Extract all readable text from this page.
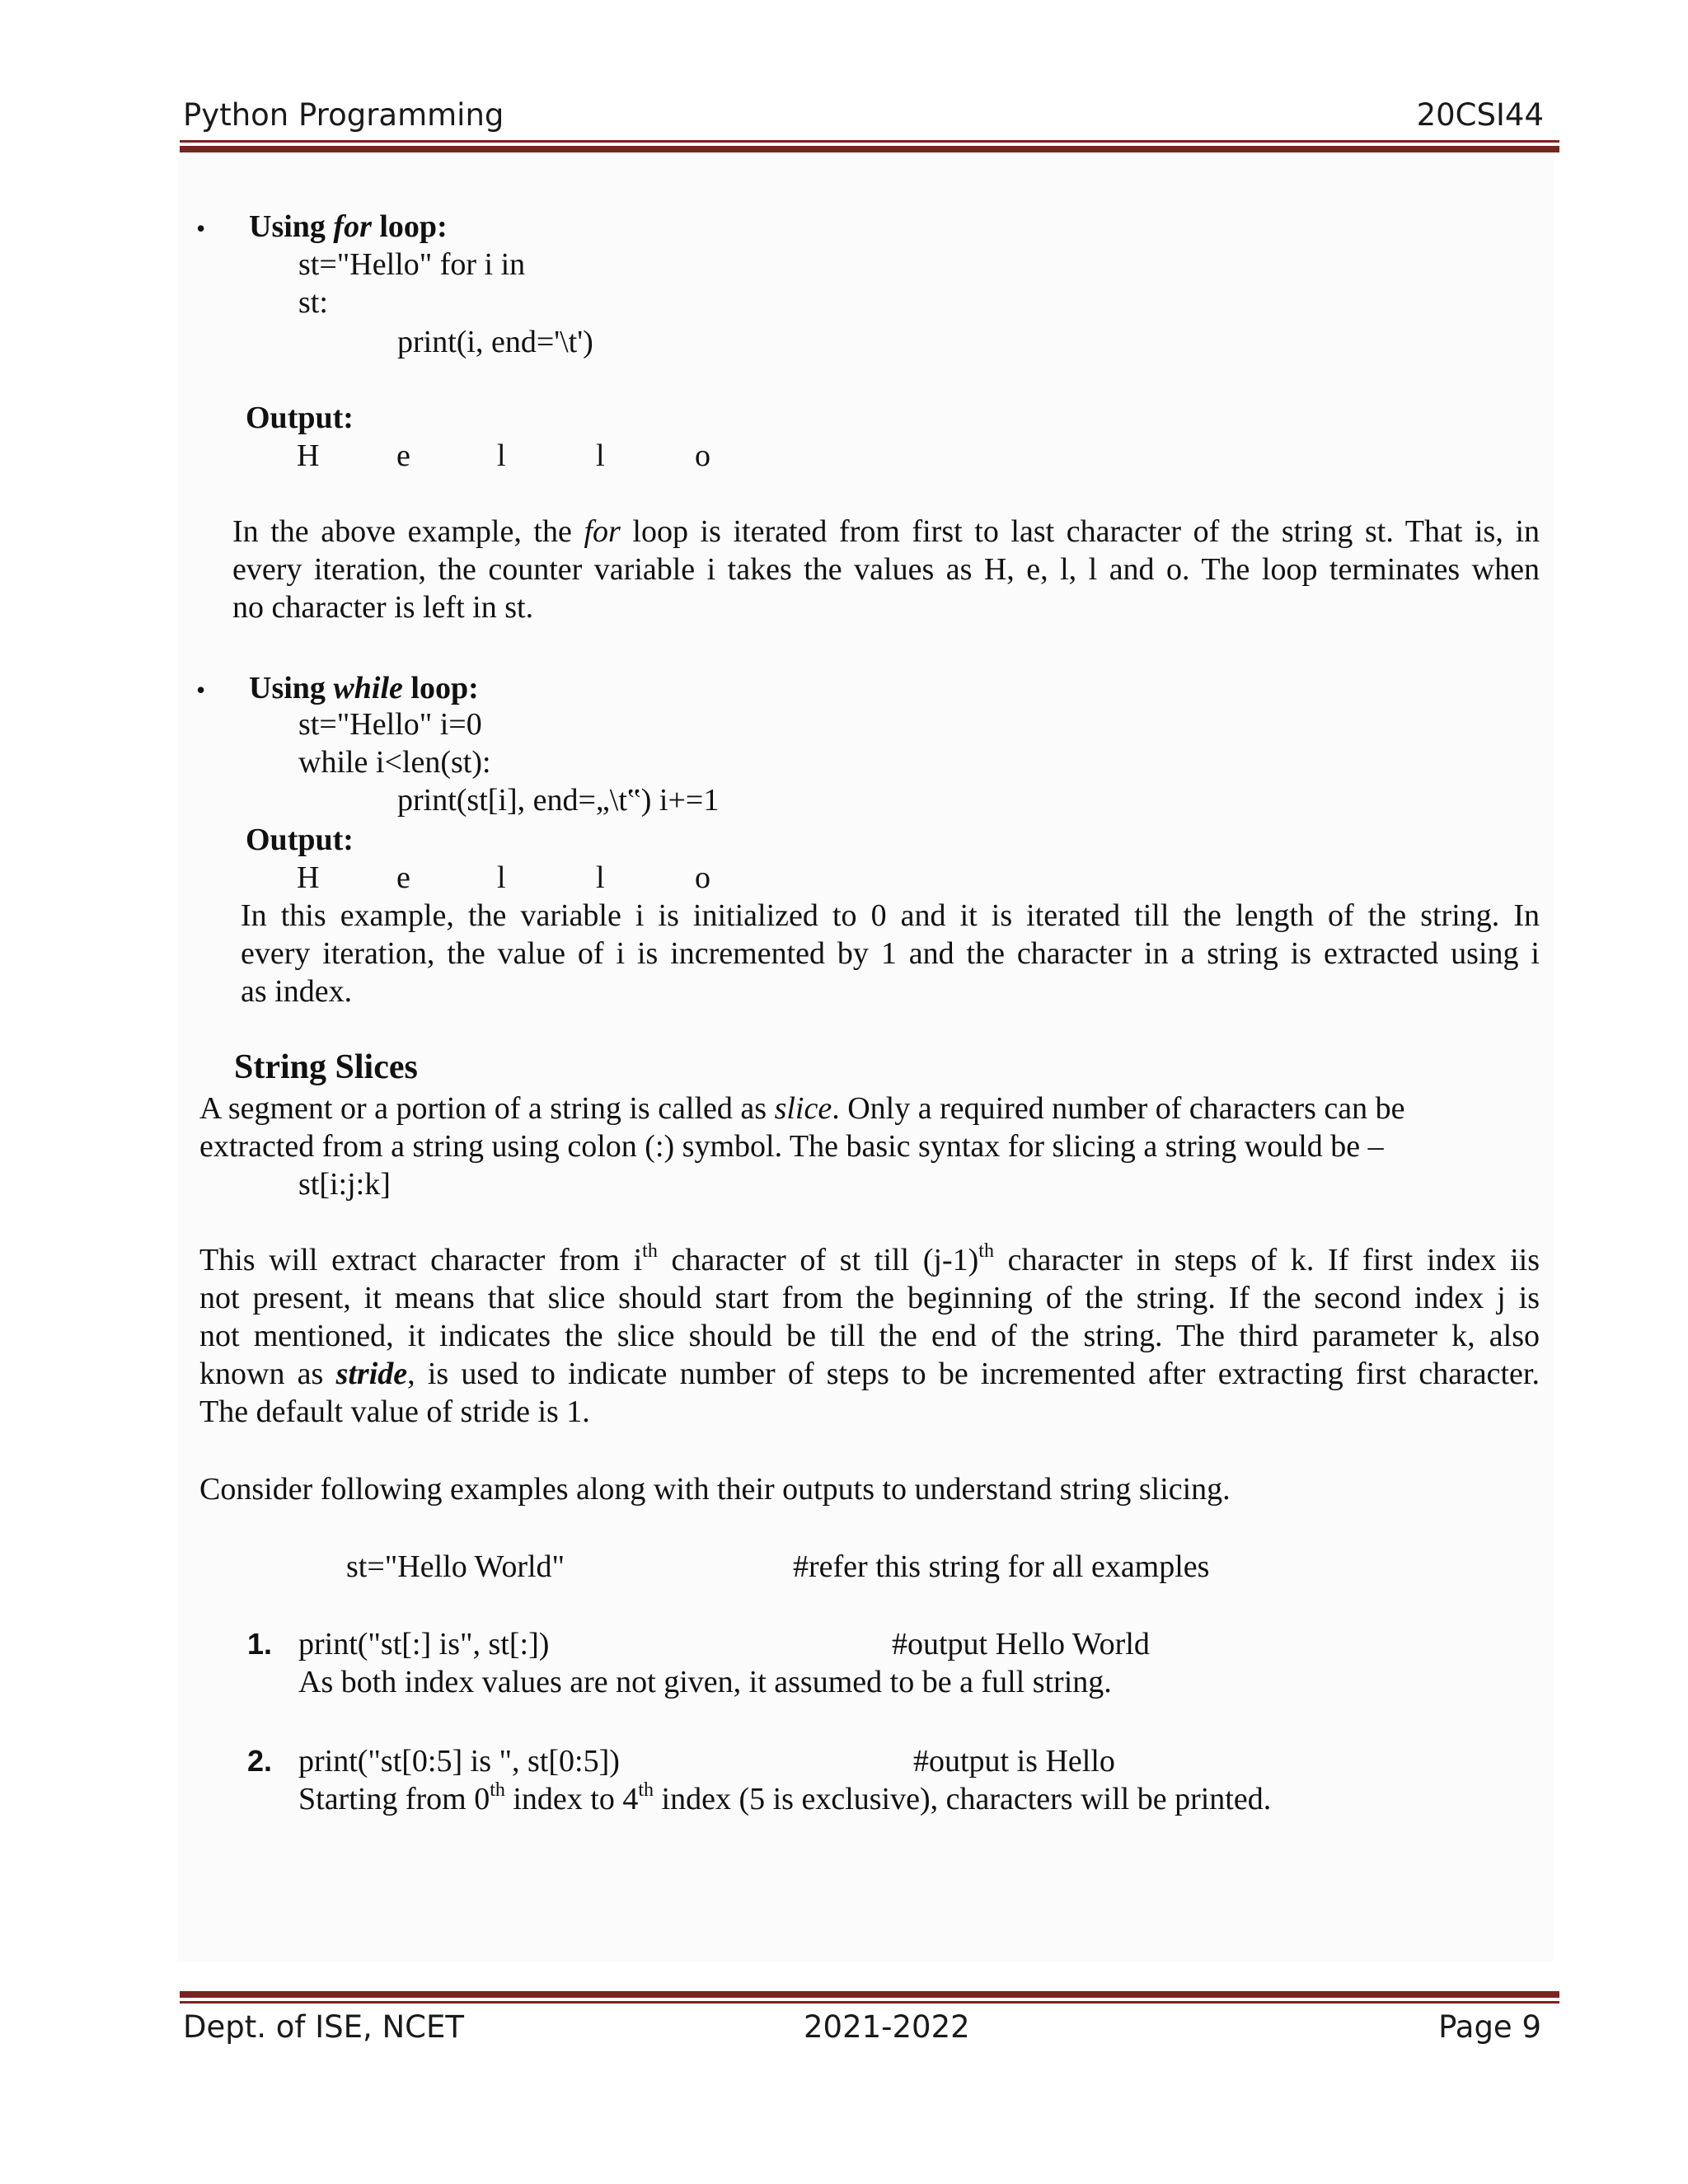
Python Programming	20CSI44
• Using for loop:
st="Hello" for i in
st:
print(i, end='\t')
Output:
H e	l	l	o
In the above example, the for loop is iterated from first to last character of the string st. That is, in
every iteration, the counter variable i takes the values as H, e, l, l and o. The loop terminates when
no character is left in st.
• Using while loop:
st="Hello" i=0
while i<len(st):
print(st[i], end=„\t‟) i+=1
Output:
H e	l	l	o
In this example, the variable i is initialized to 0 and it is iterated till the length of the string. In
every iteration, the value of i is incremented by 1 and the character in a string is extracted using i
as index.
String Slices
A segment or a portion of a string is called as slice. Only a required number of characters can be
extracted from a string using colon (:) symbol. The basic syntax for slicing a string would be –
st[i:j:k]
This will extract character from $i^{th}$ character of st till $(j-1)^{th}$ character in steps of k. If first index iis
not present, it means that slice should start from the beginning of the string. If the second index j is
not mentioned, it indicates the slice should be till the end of the string. The third parameter k, also
known as stride, is used to indicate number of steps to be incremented after extracting first character.
The default value of stride is 1.
Consider following examples along with their outputs to understand string slicing.
st="Hello World"	#refer this string for all examples
1. print("st[:] is", st[:])	#output Hello World
As both index values are not given, it assumed to be a full string.
2. print("st[0:5] is ", st[0:5])	#output is Hello
Starting from 0th index to 4th index (5 is exclusive), characters will be printed.
Dept. of ISE, NCET	2021-2022	Page 9
